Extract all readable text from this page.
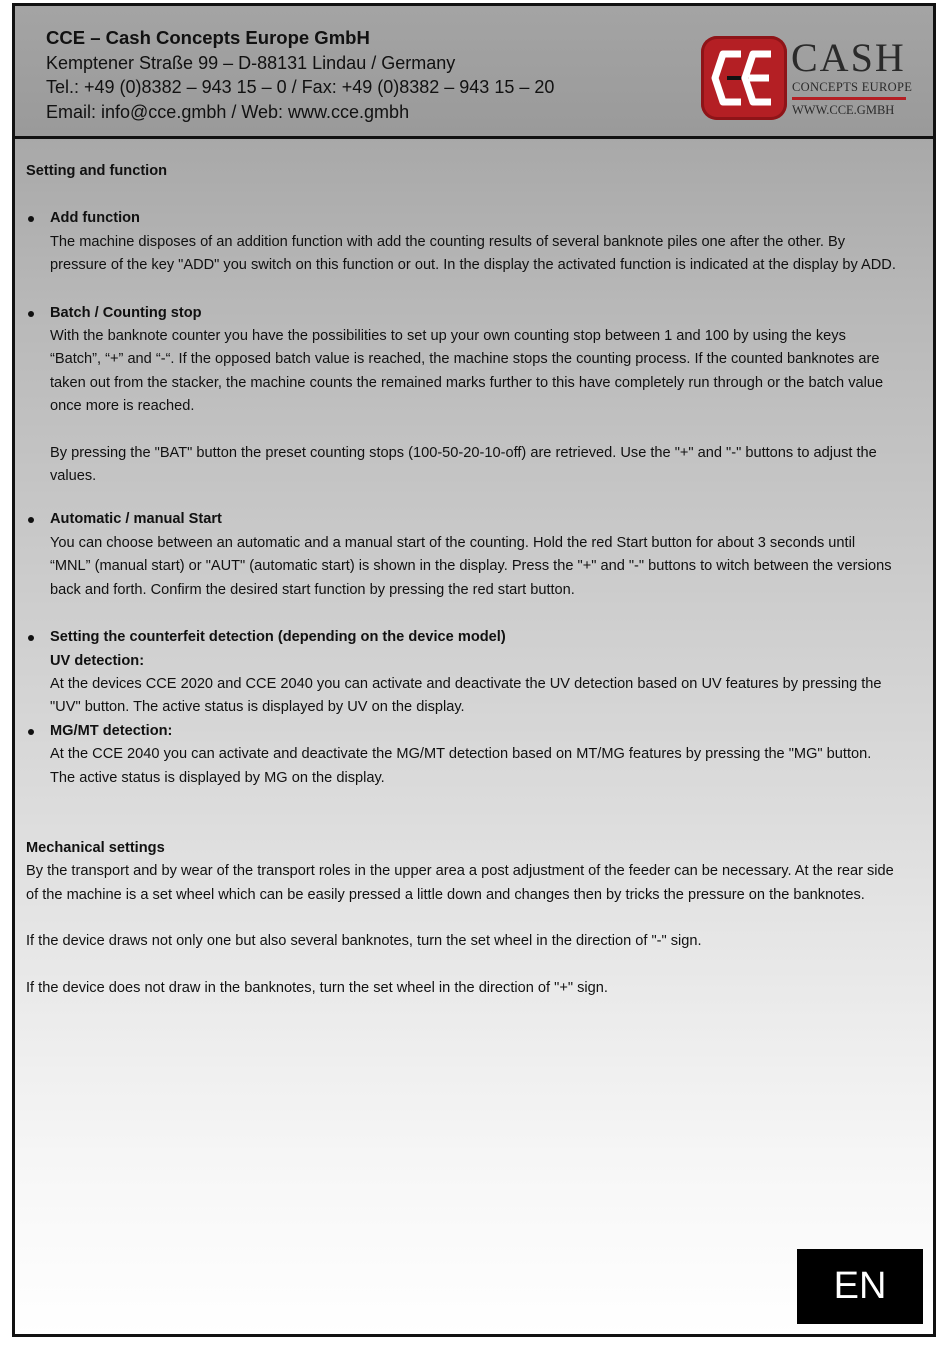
CCE – Cash Concepts Europe GmbH
Kemptener Straße 99 – D-88131 Lindau / Germany
Tel.: +49 (0)8382 – 943 15 – 0 / Fax: +49 (0)8382 – 943 15 – 20
Email: info@cce.gmbh / Web: www.cce.gmbh
CASH
CONCEPTS EUROPE
WWW.CCE.GMBH

Setting and function

Add function

The machine disposes of an addition function with add the counting results of several banknote piles one after the other. By pressure of the key "ADD" you switch on this function or out. In the display the activated function is indicated at the display by ADD.

Batch / Counting stop

With the banknote counter you have the possibilities to set up your own counting stop between 1 and 100 by using the keys “Batch”, “+” and “-“. If the opposed batch value is reached, the machine stops the counting process. If the counted banknotes are taken out from the stacker, the machine counts the remained marks further to this have completely run through or the batch value once more is reached.

By pressing the "BAT" button the preset counting stops (100-50-20-10-off) are retrieved. Use the "+" and "-" buttons to adjust the values.

Automatic / manual Start

You can choose between an automatic and a manual start of the counting. Hold the red Start button for about 3 seconds until “MNL” (manual start) or "AUT" (automatic start) is shown in the display. Press the "+" and "-" buttons to witch between the versions back and forth. Confirm the desired start function by pressing the red start button.

Setting the counterfeit detection (depending on the device model)

UV detection:

At the devices CCE 2020 and CCE 2040 you can activate and deactivate the UV detection based on UV features by pressing the "UV" button. The active status is displayed by UV on the display.

MG/MT detection:

At the CCE 2040 you can activate and deactivate the MG/MT detection based on MT/MG features by pressing the "MG" button. The active status is displayed by MG on the display.

Mechanical settings

By the transport and by wear of the transport roles in the upper area a post adjustment of the feeder can be necessary. At the rear side of the machine is a set wheel which can be easily pressed a little down and changes then by tricks the pressure on the banknotes.

If the device draws not only one but also several banknotes, turn the set wheel in the direction of "-" sign.

If the device does not draw in the banknotes, turn the set wheel in the direction of "+" sign.

EN
